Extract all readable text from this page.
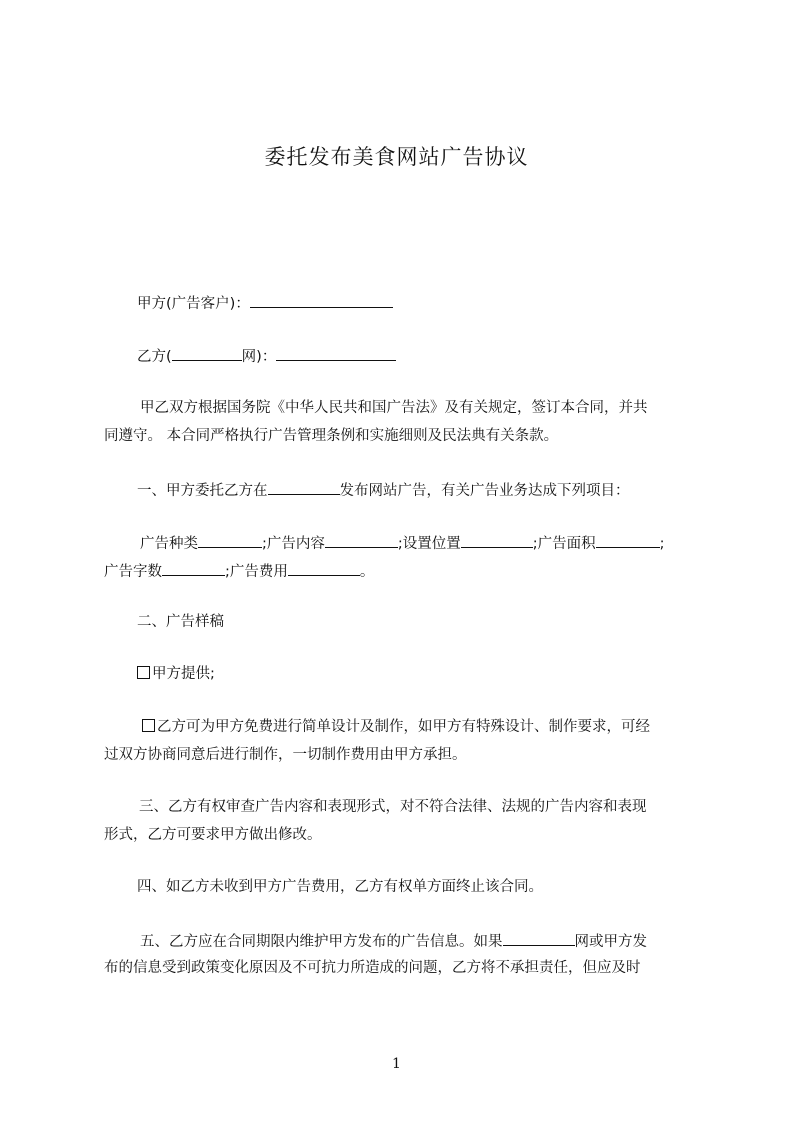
委托发布美食网站广告协议
甲方(广告客户)：
乙方(	网)：
甲乙双方根据国务院《中华人民共和国广告法》及有关规定，签订本合同，并共
同遵守。 本合同严格执行广告管理条例和实施细则及民法典有关条款。
一、甲方委托乙方在	发布网站广告，有关广告业务达成下列项目：
广告种类	;广告内容	;设置位置	;广告面积	;
广告字数	;广告费用	。
二、广告样稿
甲方提供;
乙方可为甲方免费进行简单设计及制作，如甲方有特殊设计、制作要求，可经
过双方协商同意后进行制作，一切制作费用由甲方承担。
三、乙方有权审查广告内容和表现形式，对不符合法律、法规的广告内容和表现
形式，乙方可要求甲方做出修改。
四、如乙方未收到甲方广告费用，乙方有权单方面终止该合同。
五、乙方应在合同期限内维护甲方发布的广告信息。如果	网或甲方发
布的信息受到政策变化原因及不可抗力所造成的问题，乙方将不承担责任，但应及时
1
